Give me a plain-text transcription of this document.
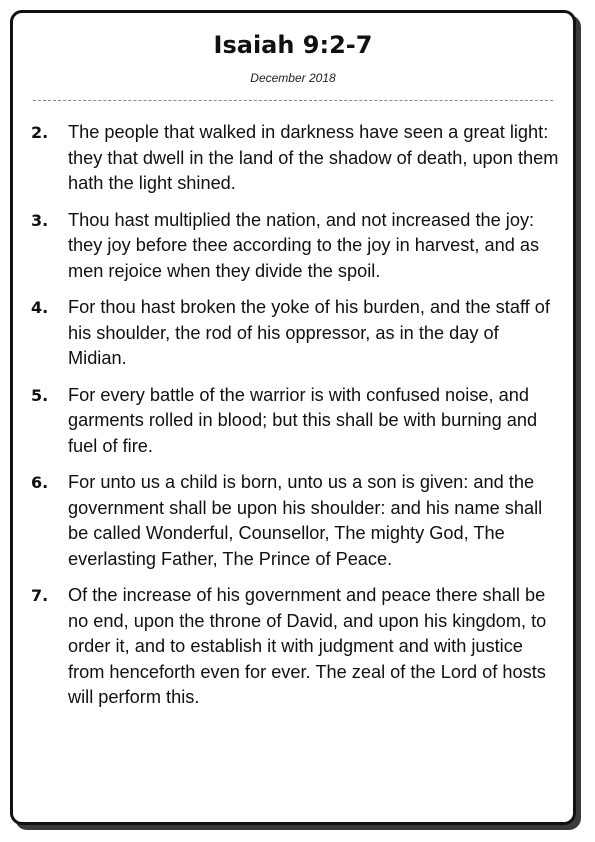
Isaiah 9:2-7
December 2018
2.	The people that walked in darkness have seen a great light: they that dwell in the land of the shadow of death, upon them hath the light shined.
3.	Thou hast multiplied the nation, and not increased the joy: they joy before thee according to the joy in harvest, and as men rejoice when they divide the spoil.
4.	For thou hast broken the yoke of his burden, and the staff of his shoulder, the rod of his oppressor, as in the day of Midian.
5.	For every battle of the warrior is with confused noise, and garments rolled in blood; but this shall be with burning and fuel of fire.
6.	For unto us a child is born, unto us a son is given: and the government shall be upon his shoulder: and his name shall be called Wonderful, Counsellor, The mighty God, The everlasting Father, The Prince of Peace.
7.	Of the increase of his government and peace there shall be no end, upon the throne of David, and upon his kingdom, to order it, and to establish it with judgment and with justice from henceforth even for ever. The zeal of the Lord of hosts will perform this.
